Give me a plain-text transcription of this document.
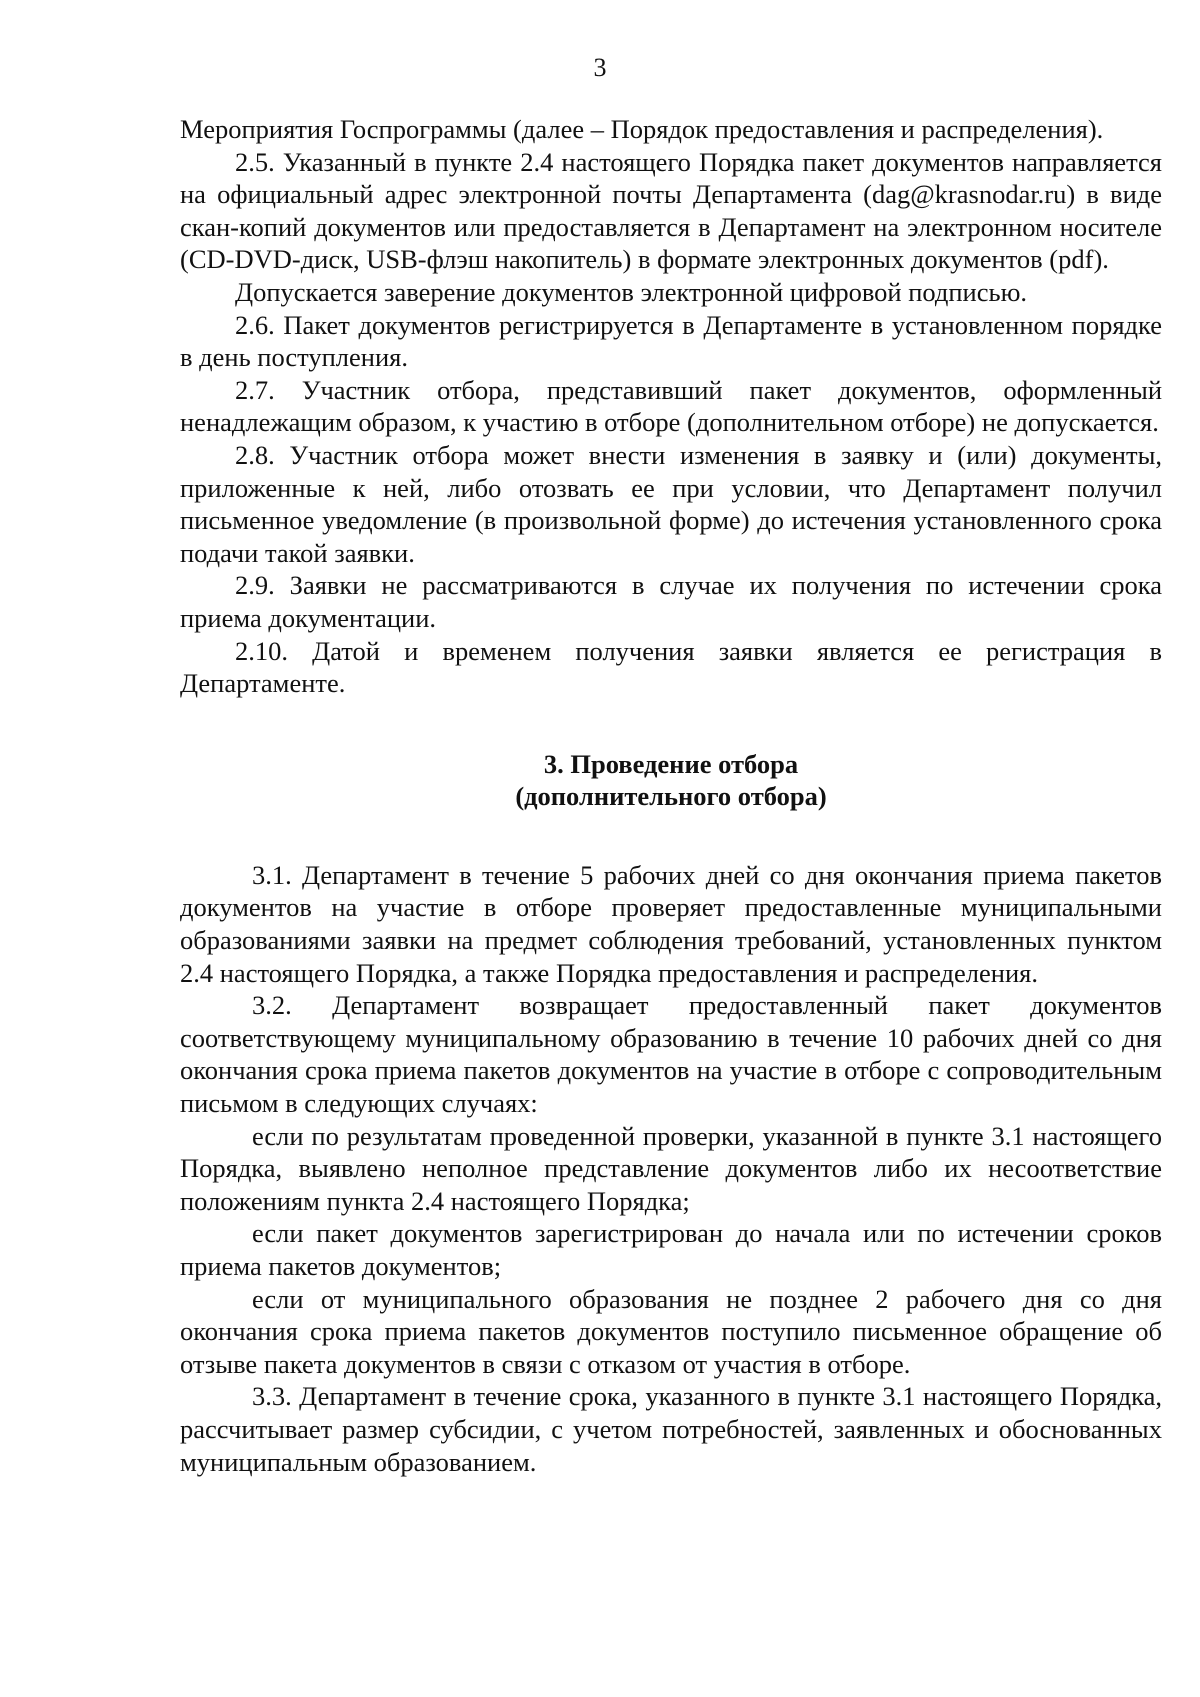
3

Мероприятия Госпрограммы (далее – Порядок предоставления и распределения).

2.5. Указанный в пункте 2.4 настоящего Порядка пакет документов направляется на официальный адрес электронной почты Департамента (dag@krasnodar.ru) в виде скан-копий документов или предоставляется в Департамент на электронном носителе (CD-DVD-диск, USB-флэш накопитель) в формате электронных документов (pdf).

Допускается заверение документов электронной цифровой подписью.

2.6. Пакет документов регистрируется в Департаменте в установленном порядке в день поступления.

2.7. Участник отбора, представивший пакет документов, оформленный ненадлежащим образом, к участию в отборе (дополнительном отборе) не допускается.

2.8. Участник отбора может внести изменения в заявку и (или) документы, приложенные к ней, либо отозвать ее при условии, что Департамент получил письменное уведомление (в произвольной форме) до истечения установленного срока подачи такой заявки.

2.9. Заявки не рассматриваются в случае их получения по истечении срока приема документации.

2.10. Датой и временем получения заявки является ее регистрация в Департаменте.

3. Проведение отбора
(дополнительного отбора)

3.1. Департамент в течение 5 рабочих дней со дня окончания приема пакетов документов на участие в отборе проверяет предоставленные муниципальными образованиями заявки на предмет соблюдения требований, установленных пунктом 2.4 настоящего Порядка, а также Порядка предоставления и распределения.

3.2. Департамент возвращает предоставленный пакет документов соответствующему муниципальному образованию в течение 10 рабочих дней со дня окончания срока приема пакетов документов на участие в отборе с сопроводительным письмом в следующих случаях:

если по результатам проведенной проверки, указанной в пункте 3.1 настоящего Порядка, выявлено неполное представление документов либо их несоответствие положениям пункта 2.4 настоящего Порядка;

если пакет документов зарегистрирован до начала или по истечении сроков приема пакетов документов;

если от муниципального образования не позднее 2 рабочего дня со дня окончания срока приема пакетов документов поступило письменное обращение об отзыве пакета документов в связи с отказом от участия в отборе.

3.3. Департамент в течение срока, указанного в пункте 3.1 настоящего Порядка, рассчитывает размер субсидии, с учетом потребностей, заявленных и обоснованных муниципальным образованием.
